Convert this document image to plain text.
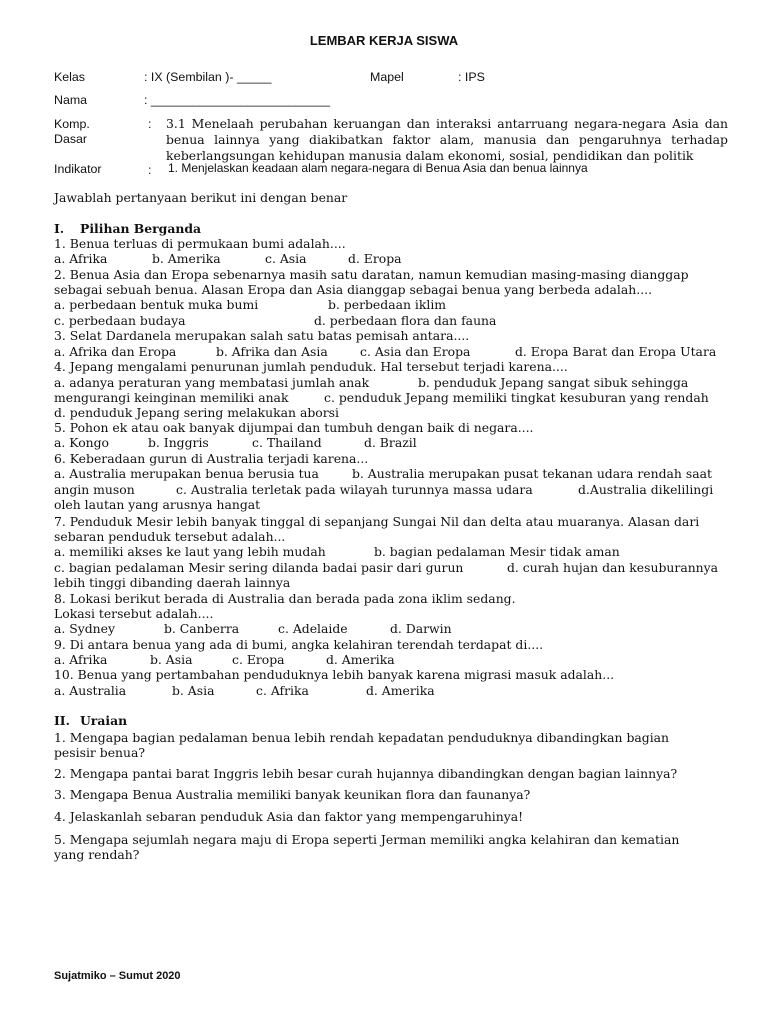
LEMBAR KERJA SISWA
Kelas	: IX (Sembilan )- _____	Mapel	: IPS
Nama	: __________________________
Komp.
Dasar
: 3.1 Menelaah perubahan keruangan dan interaksi antarruang negara-negara Asia dan benua lainnya yang diakibatkan faktor alam, manusia dan pengaruhnya terhadap keberlangsungan kehidupan manusia dalam ekonomi, sosial, pendidikan dan politik
Indikator	: 1. Menjelaskan keadaan alam negara-negara di Benua Asia dan benua lainnya
Jawablah pertanyaan berikut ini dengan benar
I. Pilihan Berganda
1. Benua terluas di permukaan bumi adalah....
a. Afrika	b. Amerika	c. Asia	d. Eropa
2. Benua Asia dan Eropa sebenarnya masih satu daratan, namun kemudian masing-masing dianggap
sebagai sebuah benua. Alasan Eropa dan Asia dianggap sebagai benua yang berbeda adalah....
a. perbedaan bentuk muka bumi	b. perbedaan iklim
c. perbedaan budaya	d. perbedaan flora dan fauna
3. Selat Dardanela merupakan salah satu batas pemisah antara....
a. Afrika dan Eropa	b. Afrika dan Asia	c. Asia dan Eropa	d. Eropa Barat dan Eropa Utara
4. Jepang mengalami penurunan jumlah penduduk. Hal tersebut terjadi karena....
a. adanya peraturan yang membatasi jumlah anak	b. penduduk Jepang sangat sibuk sehingga
mengurangi keinginan memiliki anak	c. penduduk Jepang memiliki tingkat kesuburan yang rendah
d. penduduk Jepang sering melakukan aborsi
5. Pohon ek atau oak banyak dijumpai dan tumbuh dengan baik di negara....
a. Kongo	b. Inggris	c. Thailand	d. Brazil
6. Keberadaan gurun di Australia terjadi karena...
a. Australia merupakan benua berusia tua	b. Australia merupakan pusat tekanan udara rendah saat
angin muson	c. Australia terletak pada wilayah turunnya massa udara	d.Australia dikelilingi
oleh lautan yang arusnya hangat
7. Penduduk Mesir lebih banyak tinggal di sepanjang Sungai Nil dan delta atau muaranya. Alasan dari
sebaran penduduk tersebut adalah...
a. memiliki akses ke laut yang lebih mudah	b. bagian pedalaman Mesir tidak aman
c. bagian pedalaman Mesir sering dilanda badai pasir dari gurun	d. curah hujan dan kesuburannya
lebih tinggi dibanding daerah lainnya
8. Lokasi berikut berada di Australia dan berada pada zona iklim sedang.
Lokasi tersebut adalah....
a. Sydney	b. Canberra	c. Adelaide	d. Darwin
9. Di antara benua yang ada di bumi, angka kelahiran terendah terdapat di....
a. Afrika	b. Asia	c. Eropa	d. Amerika
10. Benua yang pertambahan penduduknya lebih banyak karena migrasi masuk adalah...
a. Australia	b. Asia	c. Afrika	d. Amerika
II. Uraian
1. Mengapa bagian pedalaman benua lebih rendah kepadatan penduduknya dibandingkan bagian
pesisir benua?
2. Mengapa pantai barat Inggris lebih besar curah hujannya dibandingkan dengan bagian lainnya?
3. Mengapa Benua Australia memiliki banyak keunikan flora dan faunanya?
4. Jelaskanlah sebaran penduduk Asia dan faktor yang mempengaruhinya!
5. Mengapa sejumlah negara maju di Eropa seperti Jerman memiliki angka kelahiran dan kematian
yang rendah?
Sujatmiko – Sumut 2020
